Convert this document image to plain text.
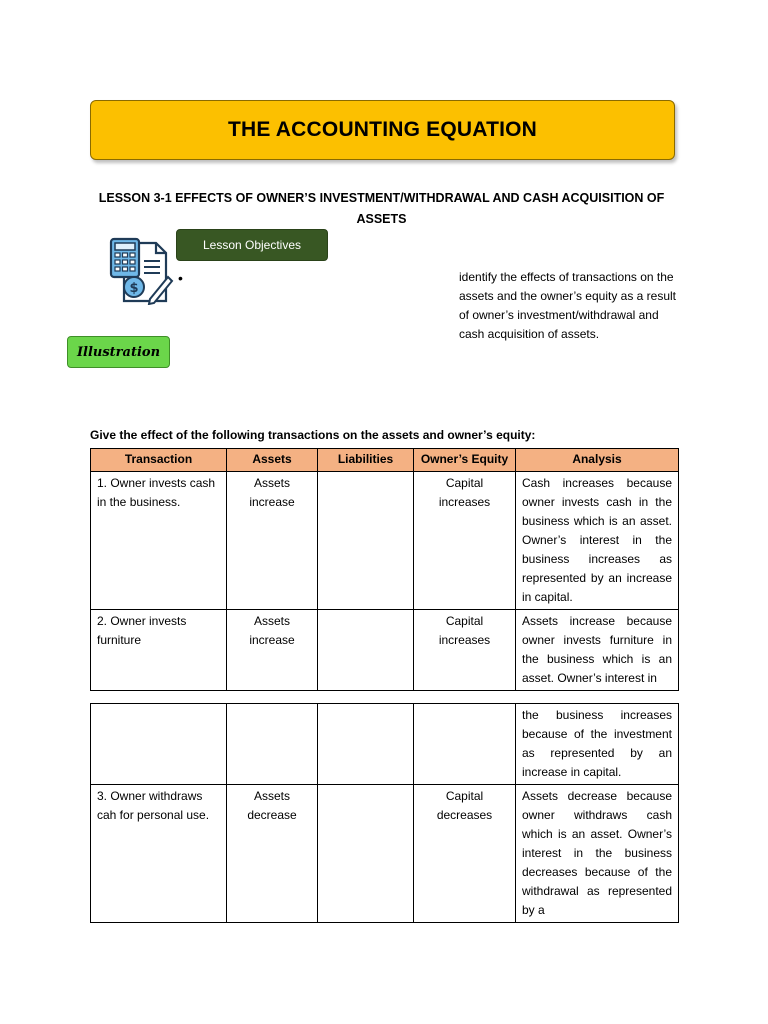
THE ACCOUNTING EQUATION
LESSON 3-1 EFFECTS OF OWNER’S INVESTMENT/WITHDRAWAL AND CASH ACQUISITION OF ASSETS
$
•
Lesson Objectives
Illustration
identify the effects of transactions on the assets and the owner’s equity as a result of owner’s investment/withdrawal and cash acquisition of assets.
Give the effect of the following transactions on the assets and owner’s equity:
Transaction	Assets	Liabilities	Owner’s Equity	Analysis
1. Owner invests cash in the business.	Assets increase		Capital increases	Cash increases because owner invests cash in the business which is an asset. Owner’s interest in the business increases as represented by an increase in capital.
2. Owner invests furniture	Assets increase		Capital increases	Assets increase because owner invests furniture in the business which is an asset. Owner’s interest in
				the business increases because of the investment as represented by an increase in capital.
3. Owner withdraws cah for personal use.	Assets decrease		Capital decreases	Assets decrease because owner withdraws cash which is an asset. Owner’s interest in the business decreases because of the withdrawal as represented by a
